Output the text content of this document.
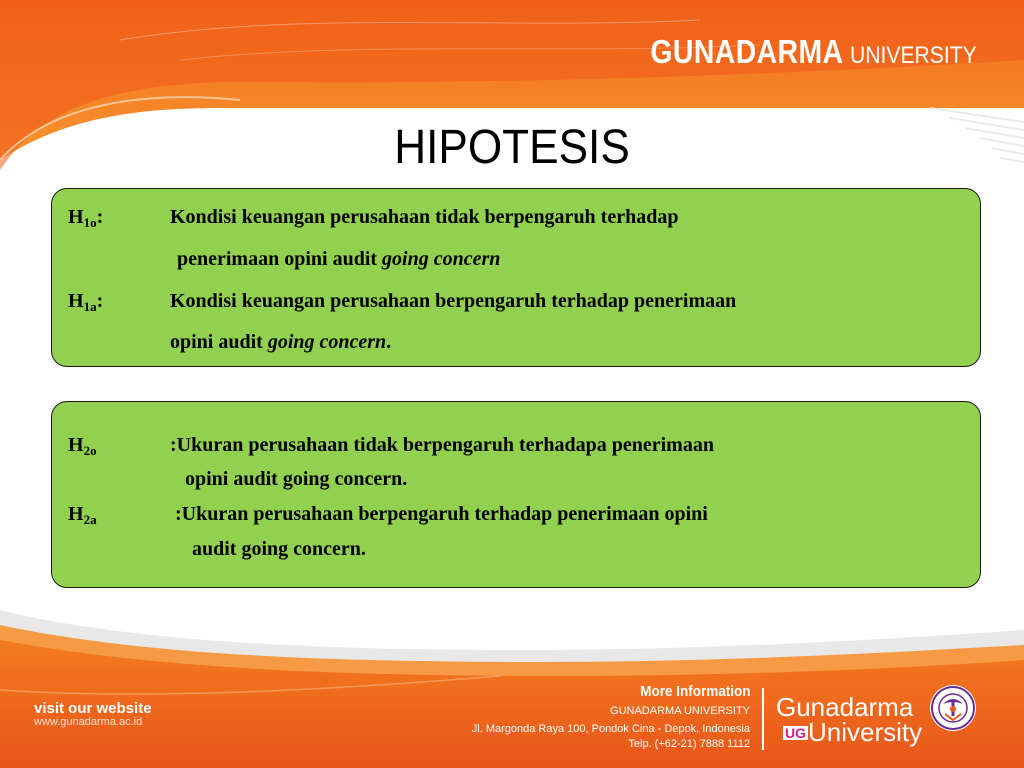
GUNADARMA UNIVERSITY
HIPOTESIS
$H_{1o}$:	Kondisi keuangan perusahaan tidak berpengaruh terhadap
penerimaan opini audit going concern
$H_{1a}$:	Kondisi keuangan perusahaan berpengaruh terhadap penerimaan
opini audit going concern.
$H_{2o}$	:Ukuran perusahaan tidak berpengaruh terhadapa penerimaan
opini audit going concern.
$H_{2a}$	:Ukuran perusahaan berpengaruh terhadap penerimaan opini
audit going concern.
visit our website
www.gunadarma.ac.id
More Information
GUNADARMA UNIVERSITY
Jl. Margonda Raya 100, Pondok Cina - Depok, Indonesia
Telp. (+62-21) 7888 1112
Gunadarma
University
UG
